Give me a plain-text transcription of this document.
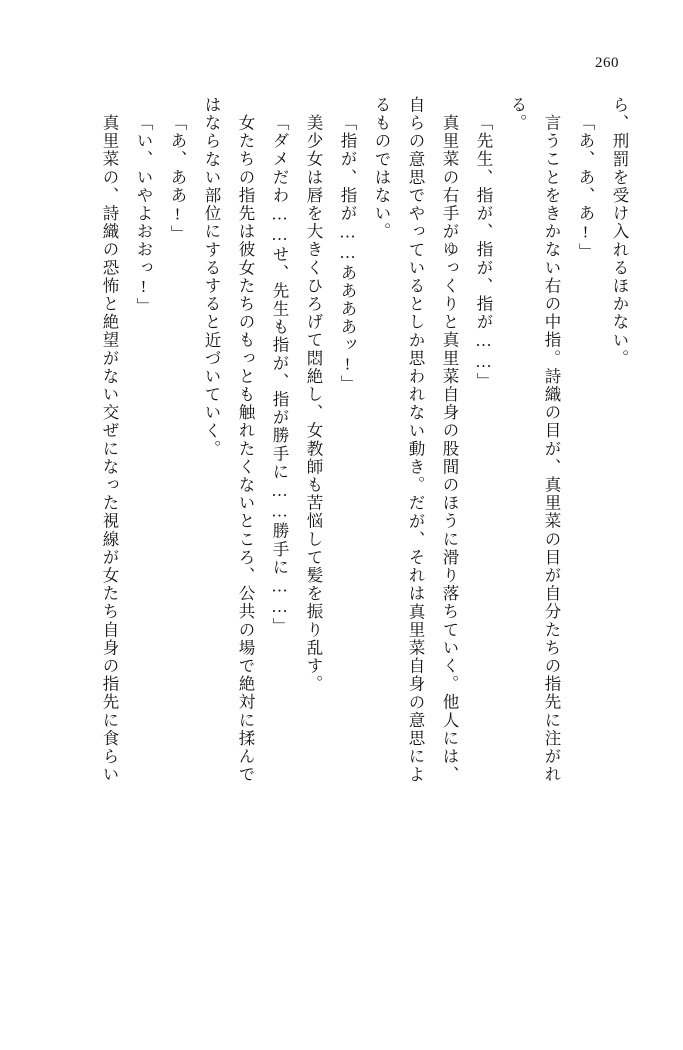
260
ら、刑罰を受け入れるほかない。
「あ、あ、あ!」
言うことをきかない右の中指。詩織の目が、真里菜の目が自分たちの指先に注がれ
る。
「先生、指が、指が、指が……」
真里菜の右手がゆっくりと真里菜自身の股間のほうに滑り落ちていく。他人には、
自らの意思でやっているとしか思われない動き。だが、それは真里菜自身の意思によ
るものではない。
「指が、指が……ああああッ!」
美少女は唇を大きくひろげて悶絶し、女教師も苦悩して髪を振り乱す。
「ダメだわ……せ、先生も指が、指が勝手に……勝手に……」
女たちの指先は彼女たちのもっとも触れたくないところ、公共の場で絶対に揉んで
はならない部位にするすると近づいていく。
「あ、ああ!」
「い、いやよおおっ!」
真里菜の、詩織の恐怖と絶望がない交ぜになった視線が女たち自身の指先に食らい
